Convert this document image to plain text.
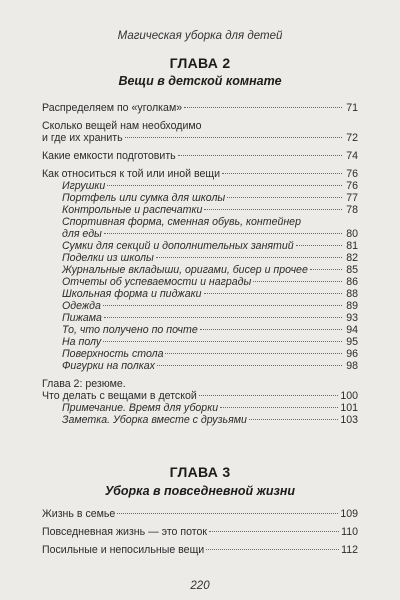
Магическая уборка для детей
ГЛАВА 2
Вещи в детской комнате
Распределяем по «уголкам»	71
Сколько вещей нам необходимо
и где их хранить	72
Какие емкости подготовить	74
Как относиться к той или иной вещи	76
Игрушки	76
Портфель или сумка для школы	77
Контрольные и распечатки	78
Спортивная форма, сменная обувь, контейнер
для еды	80
Сумки для секций и дополнительных занятий	81
Поделки из школы	82
Журнальные вкладыши, оригами, бисер и прочее	85
Отчеты об успеваемости и награды	86
Школьная форма и пиджаки	88
Одежда	89
Пижама	93
То, что получено по почте	94
На полу	95
Поверхность стола	96
Фигурки на полках	98
Глава 2: резюме.
Что делать с вещами в детской	100
Примечание. Время для уборки	101
Заметка. Уборка вместе с друзьями	103
ГЛАВА 3
Уборка в повседневной жизни
Жизнь в семье	109
Повседневная жизнь — это поток	110
Посильные и непосильные вещи	112
220
